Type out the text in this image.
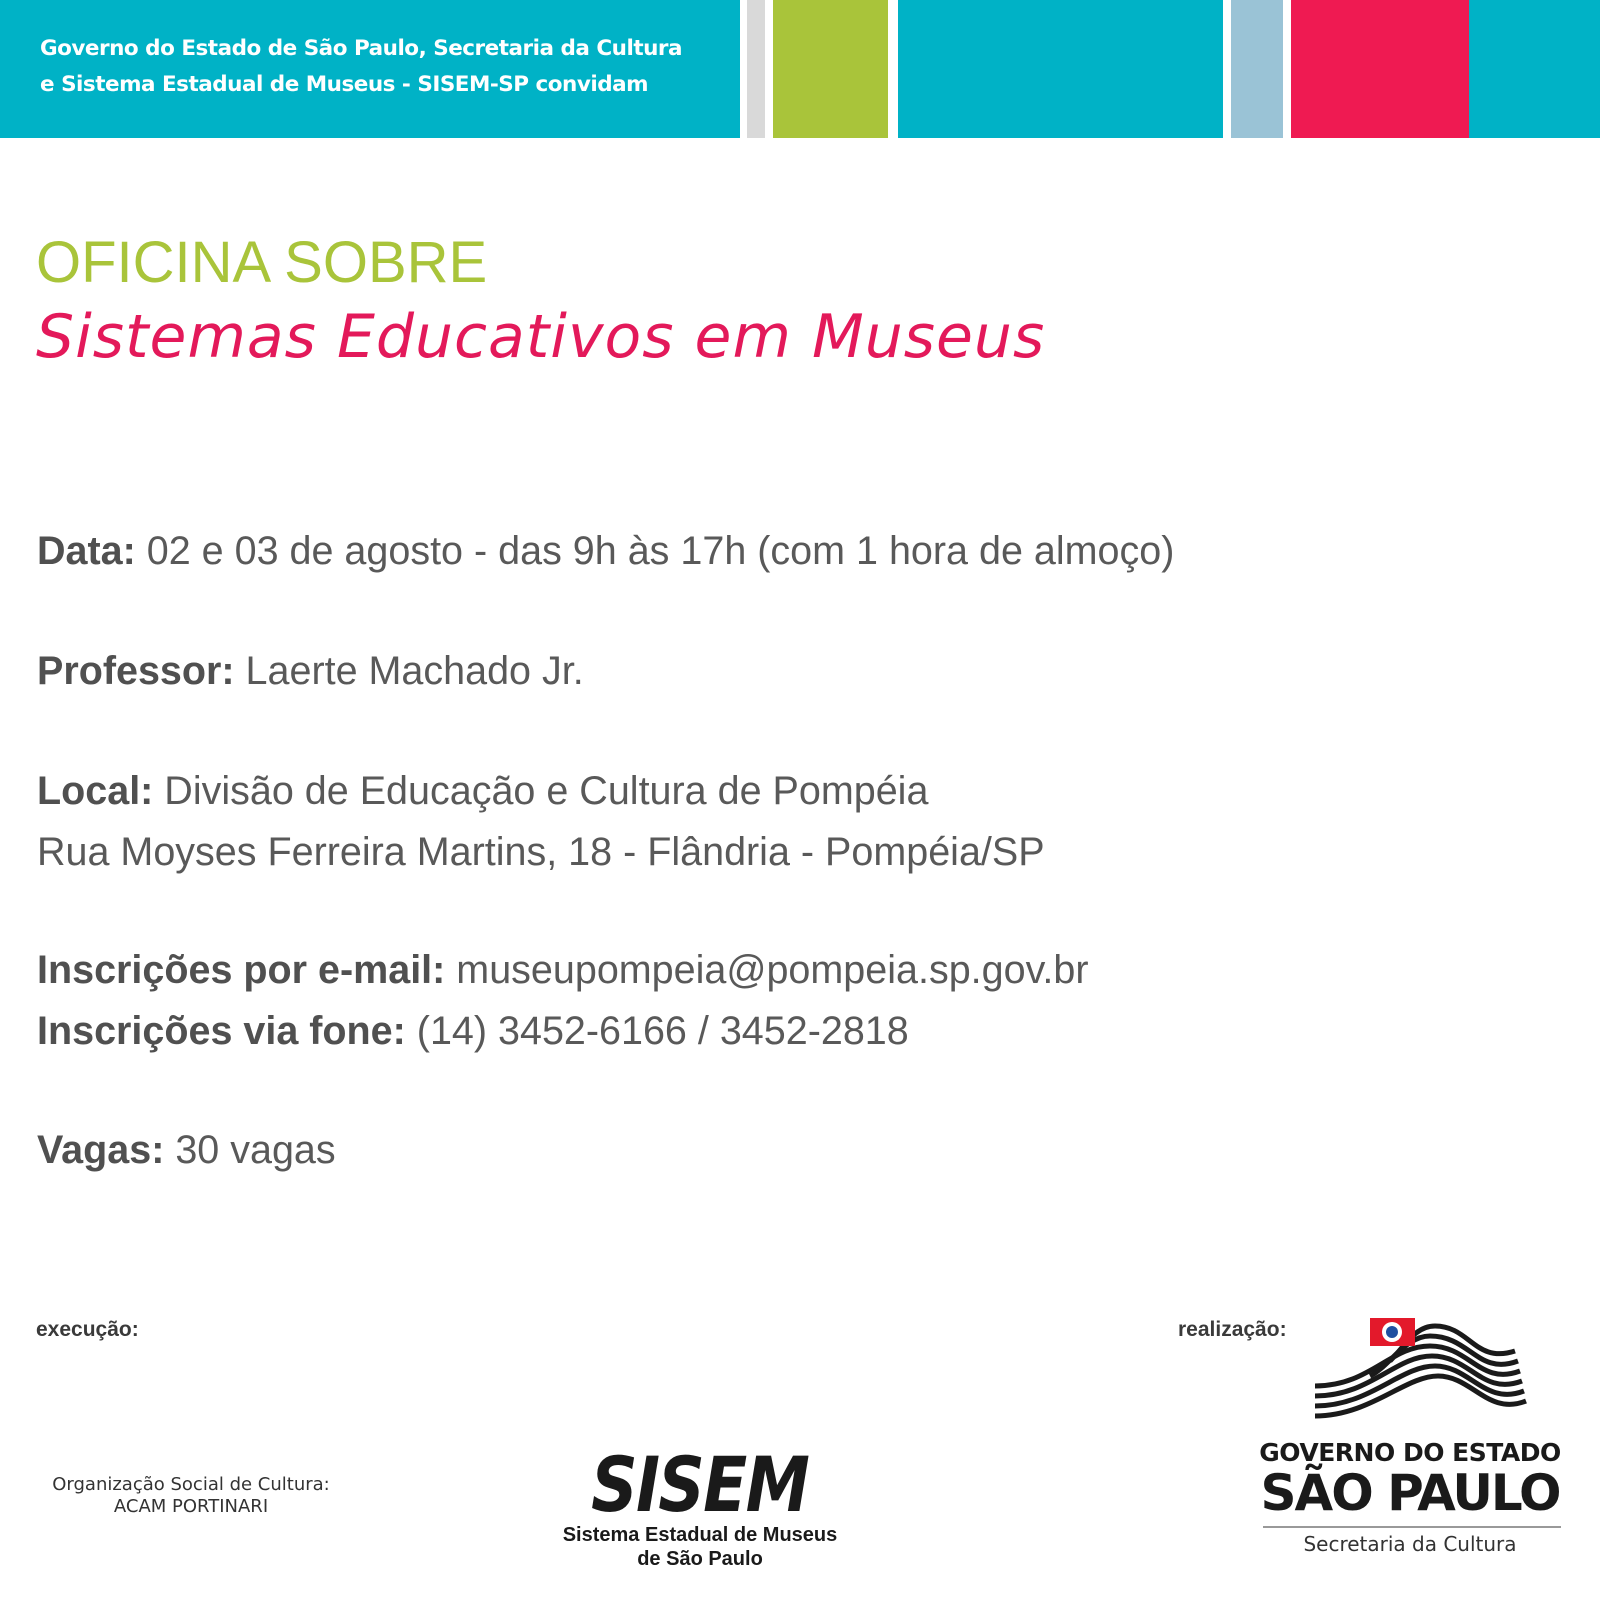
Governo do Estado de São Paulo, Secretaria da Cultura
e Sistema Estadual de Museus - SISEM-SP convidam
OFICINA SOBRE
Sistemas Educativos em Museus
Data: 02 e 03 de agosto - das 9h às 17h (com 1 hora de almoço)
Professor: Laerte Machado Jr.
Local: Divisão de Educação e Cultura de Pompéia
Rua Moyses Ferreira Martins, 18 - Flândria - Pompéia/SP
Inscrições por e-mail: museupompeia@pompeia.sp.gov.br
Inscrições via fone: (14) 3452-6166 / 3452-2818
Vagas: 30 vagas
execução:	realização:
Organização Social de Cultura:
ACAM PORTINARI	SISEM
Sistema Estadual de Museus
de São Paulo
GOVERNO DO ESTADO
SÃO PAULO
Secretaria da Cultura
